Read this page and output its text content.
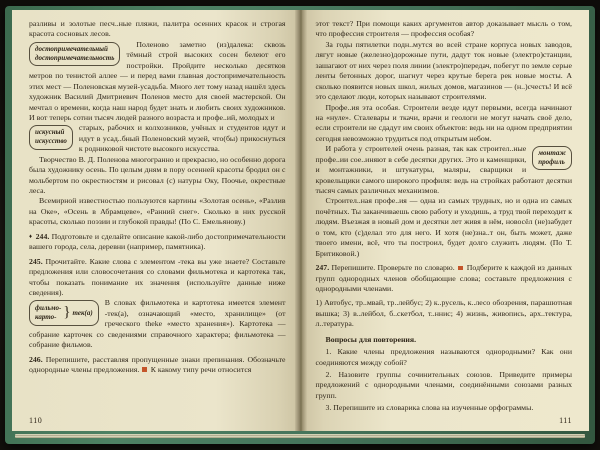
разливы и золотые песч..ные пляжи, палитра осенних красок и строгая красота сосновых лесов.

достопримечательный
достопримечательность

Поленово заметно (из)далека: сквозь тёмный строй высоких сосен белеют его постройки. Пройдите несколько десятков метров по тенистой аллее — и перед вами главная достопримечательность этих мест — Поленовская музей-усадьба. Много лет тому назад нашёл здесь художник Василий Дмитриевич Поленов место для своей мастерской. Он мечтал о времени, когда наш народ будет знать и любить своих художников. И вот теперь сотни тысяч людей разного возраста и профе..ий, молодых и

искусный
искусство

старых, рабочих и колхозников, учёных и студентов идут и идут в усад..бный Поленовский музей, что(бы) прикоснуться к родниковой чистоте высокого искусства.

Творчество В. Д. Поленова многогранно и прекрасно, но особенно дорога была художнику осень. По целым дням в пору осенней красоты бродил он с мольбертом по окрестностям и рисовал (с) натуры Оку, Поочье, окрестные леса.

Всемирной известностью пользуются картины «Золотая осень», «Разлив на Оке», «Осень в Абрамцеве», «Ранний снег». Сколько в них русской красоты, сколько поэзии и глубокой правды! (По С. Емельянову.)

♦ 244. Подготовьте и сделайте описание какой-либо достопримечательности вашего города, села, деревни (например, памятника).

245. Прочитайте. Какие слова с элементом -тека вы уже знаете? Составьте предложения или словосочетания со словами фильмотека и картотека так, чтобы показать понимание их значения (используйте данные ниже сведения).

фильмо-
карто- } тек(а)

В словах фильмотека и картотека имеется элемент -тек(а), означающий «место, хранилище» (от греческого theke «место хранения»). Картотека — собрание карточек со сведениями справочного характера; фильмотека — собрание фильмов.

246. Перепишите, расставляя пропущенные знаки препинания. Обозначьте однородные члены предложения. К какому типу речи относится

110

этот текст? При помощи каких аргументов автор доказывает мысль о том, что профессия строителя — профессия особая?

За годы пятилетки подн..мутся во всей стране корпуса новых заводов, лягут новые (железно)дорожные пути, дадут ток новые (электро)станции, зашагают от них через поля линии (электро)передач, побегут по земле серые ленты бетонных дорог, шагнут через крутые берега рек новые мосты. А сколько появится новых школ, жилых домов, магазинов — (н..)счесть! И всё это сделают люди, которых называют строителями.

Профе..ия эта особая. Строители везде идут первыми, всегда начинают на «нуле». Сталевары и ткачи, врачи и геологи не могут начать своё дело, если строители не сдадут им своих объектов: ведь ни на одном предприятии сегодня невозможно трудиться под открытым небом.

монтаж
профиль

И работа у строителей очень разная, так как строител..ные профе..ии сое..иняют в себе десятки других. Это и каменщики, и монтажники, и штукатуры, маляры, сварщики и кровельщики самого широкого профиля: ведь на стройках работают десятки тысяч самых различных механизмов.

Строител..ная профе..ия — одна из самых трудных, но и одна из самых почётных. Ты заканчиваешь свою работу и уходишь, а труд твой переходит к людям. Въезжая в новый дом и десятки лет живя в нём, новосёл (не)забудет о том, кто (с)делал это для него. И хотя (не)зна..т он, быть может, даже твоего имени, всё, что ты построил, будет долго служить людям. (По Т. Бритиковой.)

247. Перепишите. Проверьте по словарю. Подберите к каждой из данных групп однородных членов обобщающие слова; составьте предложения с однородными членами.

1) Автобус, тр..мвай, тр..лейбус; 2) к..русель, к..лесо обозрения, парашютная вышка; 3) в..лейбол, б..скетбол, т..ннис; 4) жизнь, живопись, арх..тектура, л..тература.

Вопросы для повторения.

1. Какие члены предложения называются однородными? Как они соединяются между собой?

2. Назовите группы сочинительных союзов. Приведите примеры предложений с однородными членами, соединёнными союзами разных групп.

3. Перепишите из словарика слова на изученные орфограммы.

111
